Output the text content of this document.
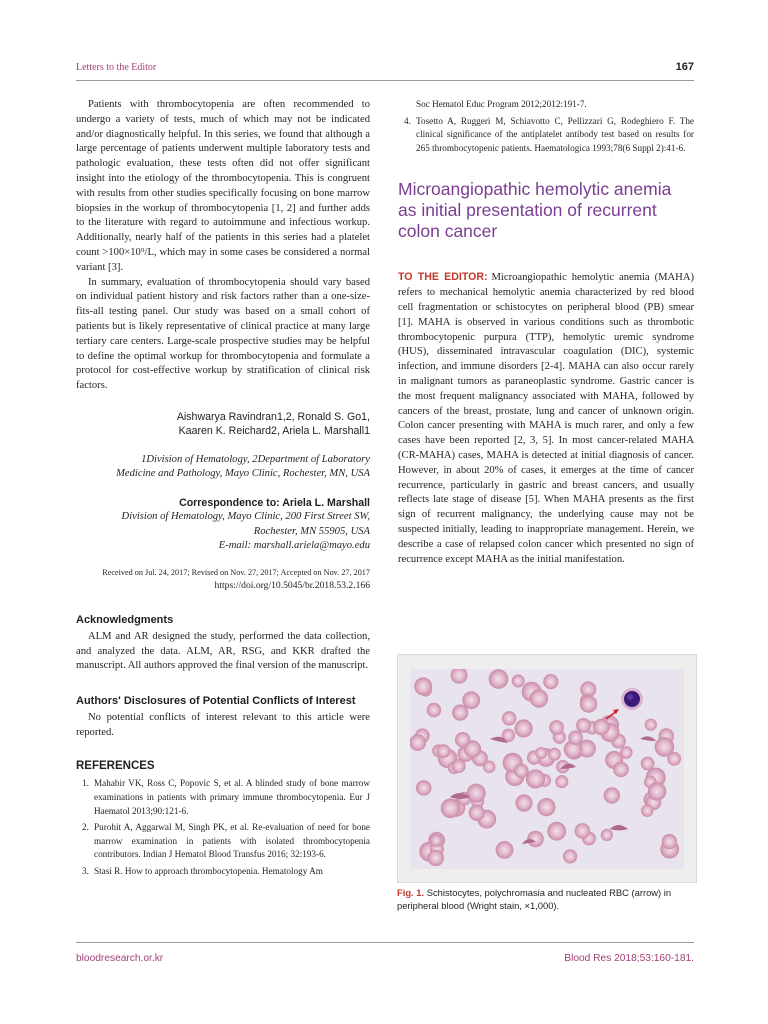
Letters to the Editor	167

Patients with thrombocytopenia are often recommended to undergo a variety of tests, much of which may not be indicated and/or diagnostically helpful. In this series, we found that although a large percentage of patients underwent multiple laboratory tests and pathologic evaluation, these tests often did not offer significant insight into the etiology of the thrombocytopenia. This is congruent with results from other studies specifically focusing on bone marrow biopsies in the workup of thrombocytopenia [1, 2] and further adds to the literature with regard to autoimmune and infectious workup. Additionally, nearly half of the patients in this series had a platelet count >100×10⁹/L, which may in some cases be considered a normal variant [3].

In summary, evaluation of thrombocytopenia should vary based on individual patient history and risk factors rather than a one-size-fits-all testing panel. Our study was based on a small cohort of patients but is likely representative of clinical practice at many large tertiary care centers. Large-scale prospective studies may be helpful to define the optimal workup for thrombocytopenia and formulate a protocol for cost-effective workup by stratification of clinical risk factors.

Aishwarya Ravindran1,2, Ronald S. Go1,
Kaaren K. Reichard2, Ariela L. Marshall1
1Division of Hematology, 2Department of Laboratory
Medicine and Pathology, Mayo Clinic, Rochester, MN, USA
Correspondence to: Ariela L. Marshall
Division of Hematology, Mayo Clinic, 200 First Street SW,
Rochester, MN 55905, USA
E-mail: marshall.ariela@mayo.edu
Received on Jul. 24, 2017; Revised on Nov. 27, 2017; Accepted on Nov. 27, 2017
https://doi.org/10.5045/br.2018.53.2.166
Acknowledgments

ALM and AR designed the study, performed the data collection, and analyzed the data. ALM, AR, RSG, and KKR drafted the manuscript. All authors approved the final version of the manuscript.

Authors' Disclosures of Potential Conflicts of Interest

No potential conflicts of interest relevant to this article were reported.

REFERENCES
1. Mahabir VK, Ross C, Popovic S, et al. A blinded study of bone marrow examinations in patients with primary immune thrombocytopenia. Eur J Haematol 2013;90:121-6.
2. Purohit A, Aggarwal M, Singh PK, et al. Re-evaluation of need for bone marrow examination in patients with isolated thrombocytopenia contributors. Indian J Hematol Blood Transfus 2016; 32:193-6.
3. Stasi R. How to approach thrombocytopenia. Hematology Am
Soc Hematol Educ Program 2012;2012:191-7.
4. Tosetto A, Ruggeri M, Schiavotto C, Pellizzari G, Rodeghiero F. The clinical significance of the antiplatelet antibody test based on results for 265 thrombocytopenic patients. Haematologica 1993;78(6 Suppl 2):41-6.
Microangiopathic hemolytic anemia as initial presentation of recurrent colon cancer

TO THE EDITOR: Microangiopathic hemolytic anemia (MAHA) refers to mechanical hemolytic anemia characterized by red blood cell fragmentation or schistocytes on peripheral blood (PB) smear [1]. MAHA is observed in various conditions such as thrombotic thrombocytopenic purpura (TTP), hemolytic uremic syndrome (HUS), disseminated intravascular coagulation (DIC), systemic infection, and immune disorders [2-4]. MAHA can also occur rarely in malignant tumors as paraneoplastic syndrome. Gastric cancer is the most frequent malignancy associated with MAHA, followed by cancers of the breast, prostate, lung and cancer of unknown origin. Colon cancer presenting with MAHA is much rarer, and only a few cases have been reported [2, 3, 5]. In most cancer-related MAHA (CR-MAHA) cases, MAHA is detected at initial diagnosis of cancer. However, in about 20% of cases, it emerges at the time of cancer recurrence, particularly in gastric and breast cancers, and usually reflects late stage of disease [5]. When MAHA presents as the first sign of recurrent malignancy, the underlying cause may not be suspected initially, leading to inappropriate management. Herein, we describe a case of relapsed colon cancer which presented no sign of recurrence except MAHA as the initial manifestation.

Fig. 1. Schistocytes, polychromasia and nucleated RBC (arrow) in peripheral blood (Wright stain, ×1,000).
bloodresearch.or.kr	Blood Res 2018;53:160-181.
